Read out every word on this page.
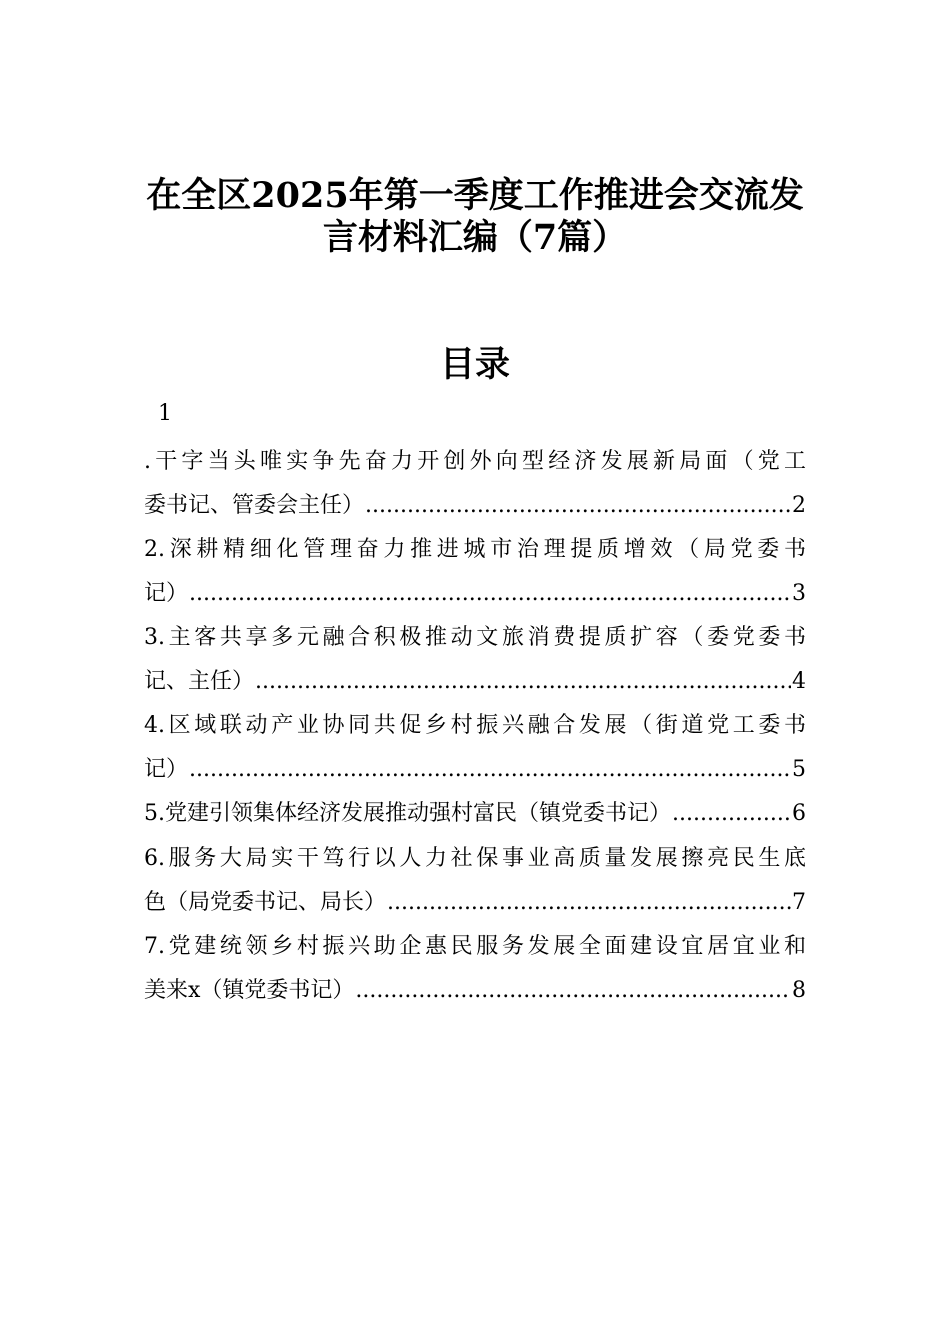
在全区2025年第一季度工作推进会交流发
言材料汇编（7篇）
目录
1
.干字当头唯实争先奋力开创外向型经济发展新局面（党工
委书记、管委会主任） .....	2
2.深耕精细化管理奋力推进城市治理提质增效（局党委书
记） .....	3
3.主客共享多元融合积极推动文旅消费提质扩容（委党委书
记、主任） .....	4
4.区域联动产业协同共促乡村振兴融合发展（街道党工委书
记） .....	5
5.党建引领集体经济发展推动强村富民（镇党委书记） .....	6
6.服务大局实干笃行以人力社保事业高质量发展擦亮民生底
色（局党委书记、局长） .....	7
7.党建统领乡村振兴助企惠民服务发展全面建设宜居宜业和
美来x（镇党委书记） .....	8
